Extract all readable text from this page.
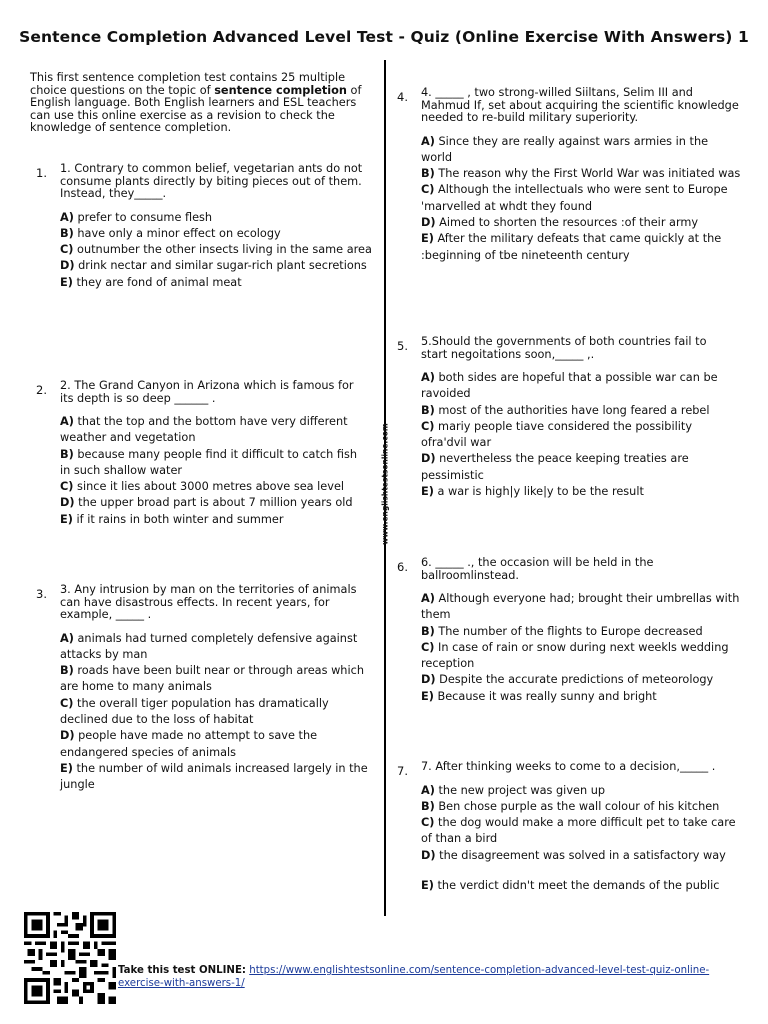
Sentence Completion Advanced Level Test - Quiz (Online Exercise With Answers) 1
www.englishtestsonline.com
This first sentence completion test contains 25 multiple choice questions on the topic of sentence completion of English language. Both English learners and ESL teachers can use this online exercise as a revision to check the knowledge of sentence completion.
1. 1. Contrary to common belief, vegetarian ants do not consume plants directly by biting pieces out of them. Instead, they_____.
A) prefer to consume flesh
B) have only a minor effect on ecology
C) outnumber the other insects living in the same area
D) drink nectar and similar sugar-rich plant secretions
E) they are fond of animal meat
2. 2. The Grand Canyon in Arizona which is famous for its depth is so deep ______ .
A) that the top and the bottom have very different weather and vegetation
B) because many people find it difficult to catch fish in such shallow water
C) since it lies about 3000 metres above sea level
D) the upper broad part is about 7 million years old
E) if it rains in both winter and summer
3. 3. Any intrusion by man on the territories of animals can have disastrous effects. In recent years, for example, _____ .
A) animals had turned completely defensive against attacks by man
B) roads have been built near or through areas which are home to many animals
C) the overall tiger population has dramatically declined due to the loss of habitat
D) people have made no attempt to save the endangered species of animals
E) the number of wild animals increased largely in the jungle
4. 4. _____ , two strong-willed Siiltans, Selim III and Mahmud If, set about acquiring the scientific knowledge needed to re-build military superiority.
A) Since they are really against wars armies in the world
B) The reason why the First World War was initiated was
C) Although the intellectuals who were sent to Europe 'marvelled at whdt they found
D) Aimed to shorten the resources :of their army
E) After the military defeats that came quickly at the :beginning of tbe nineteenth century
5. 5.Should the governments of both countries fail to start negoitations soon,_____ ,.
A) both sides are hopeful that a possible war can be ravoided
B) most of the authorities have long feared a rebel
C) mariy people tiave considered the possibility ofra'dvil war
D) nevertheless the peace keeping treaties are pessimistic
E) a war is high|y like|y to be the result
6. 6. _____ ., the occasion will be held in the ballroomlinstead.
A) Although everyone had; brought their umbrellas with them
B) The number of the flights to Europe decreased
C) In case of rain or snow during next weekls wedding reception
D) Despite the accurate predictions of meteorology
E) Because it was really sunny and bright
7. 7. After thinking weeks to come to a decision,_____ .
A) the new project was given up
B) Ben chose purple as the wall colour of his kitchen
C) the dog would make a more difficult pet to take care of than a bird
D) the disagreement was solved in a satisfactory way
E) the verdict didn't meet the demands of the public
Take this test ONLINE: https://www.englishtestsonline.com/sentence-completion-advanced-level-test-quiz-online-exercise-with-answers-1/
